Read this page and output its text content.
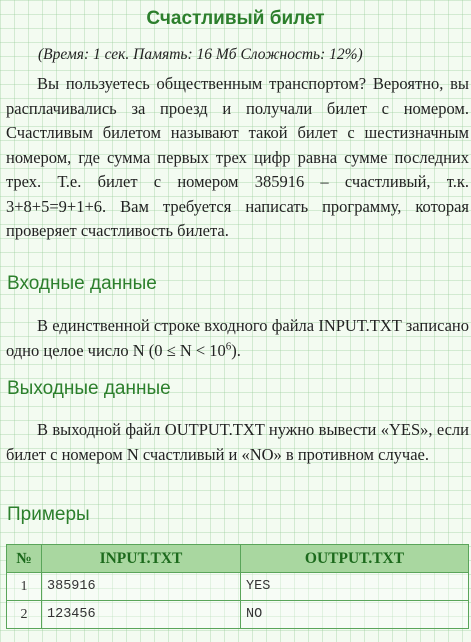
Счастливый билет

(Время: 1 сек. Память: 16 Мб Сложность: 12%)

Вы пользуетесь общественным транспортом? Вероятно, вы расплачивались за проезд и получали билет с номером. Счастливым билетом называют такой билет с шестизначным номером, где сумма первых трех цифр равна сумме последних трех. Т.е. билет с номером 385916 – счастливый, т.к. 3+8+5=9+1+6. Вам требуется написать программу, которая проверяет счастливость билета.

Входные данные

В единственной строке входного файла INPUT.TXT записано одно целое число N $(0 \le N < 10^6)$.

Выходные данные

В выходной файл OUTPUT.TXT нужно вывести «YES», если билет с номером N счастливый и «NO» в противном случае.

Примеры
№	INPUT.TXT	OUTPUT.TXT
1	385916	YES
2	123456	NO
